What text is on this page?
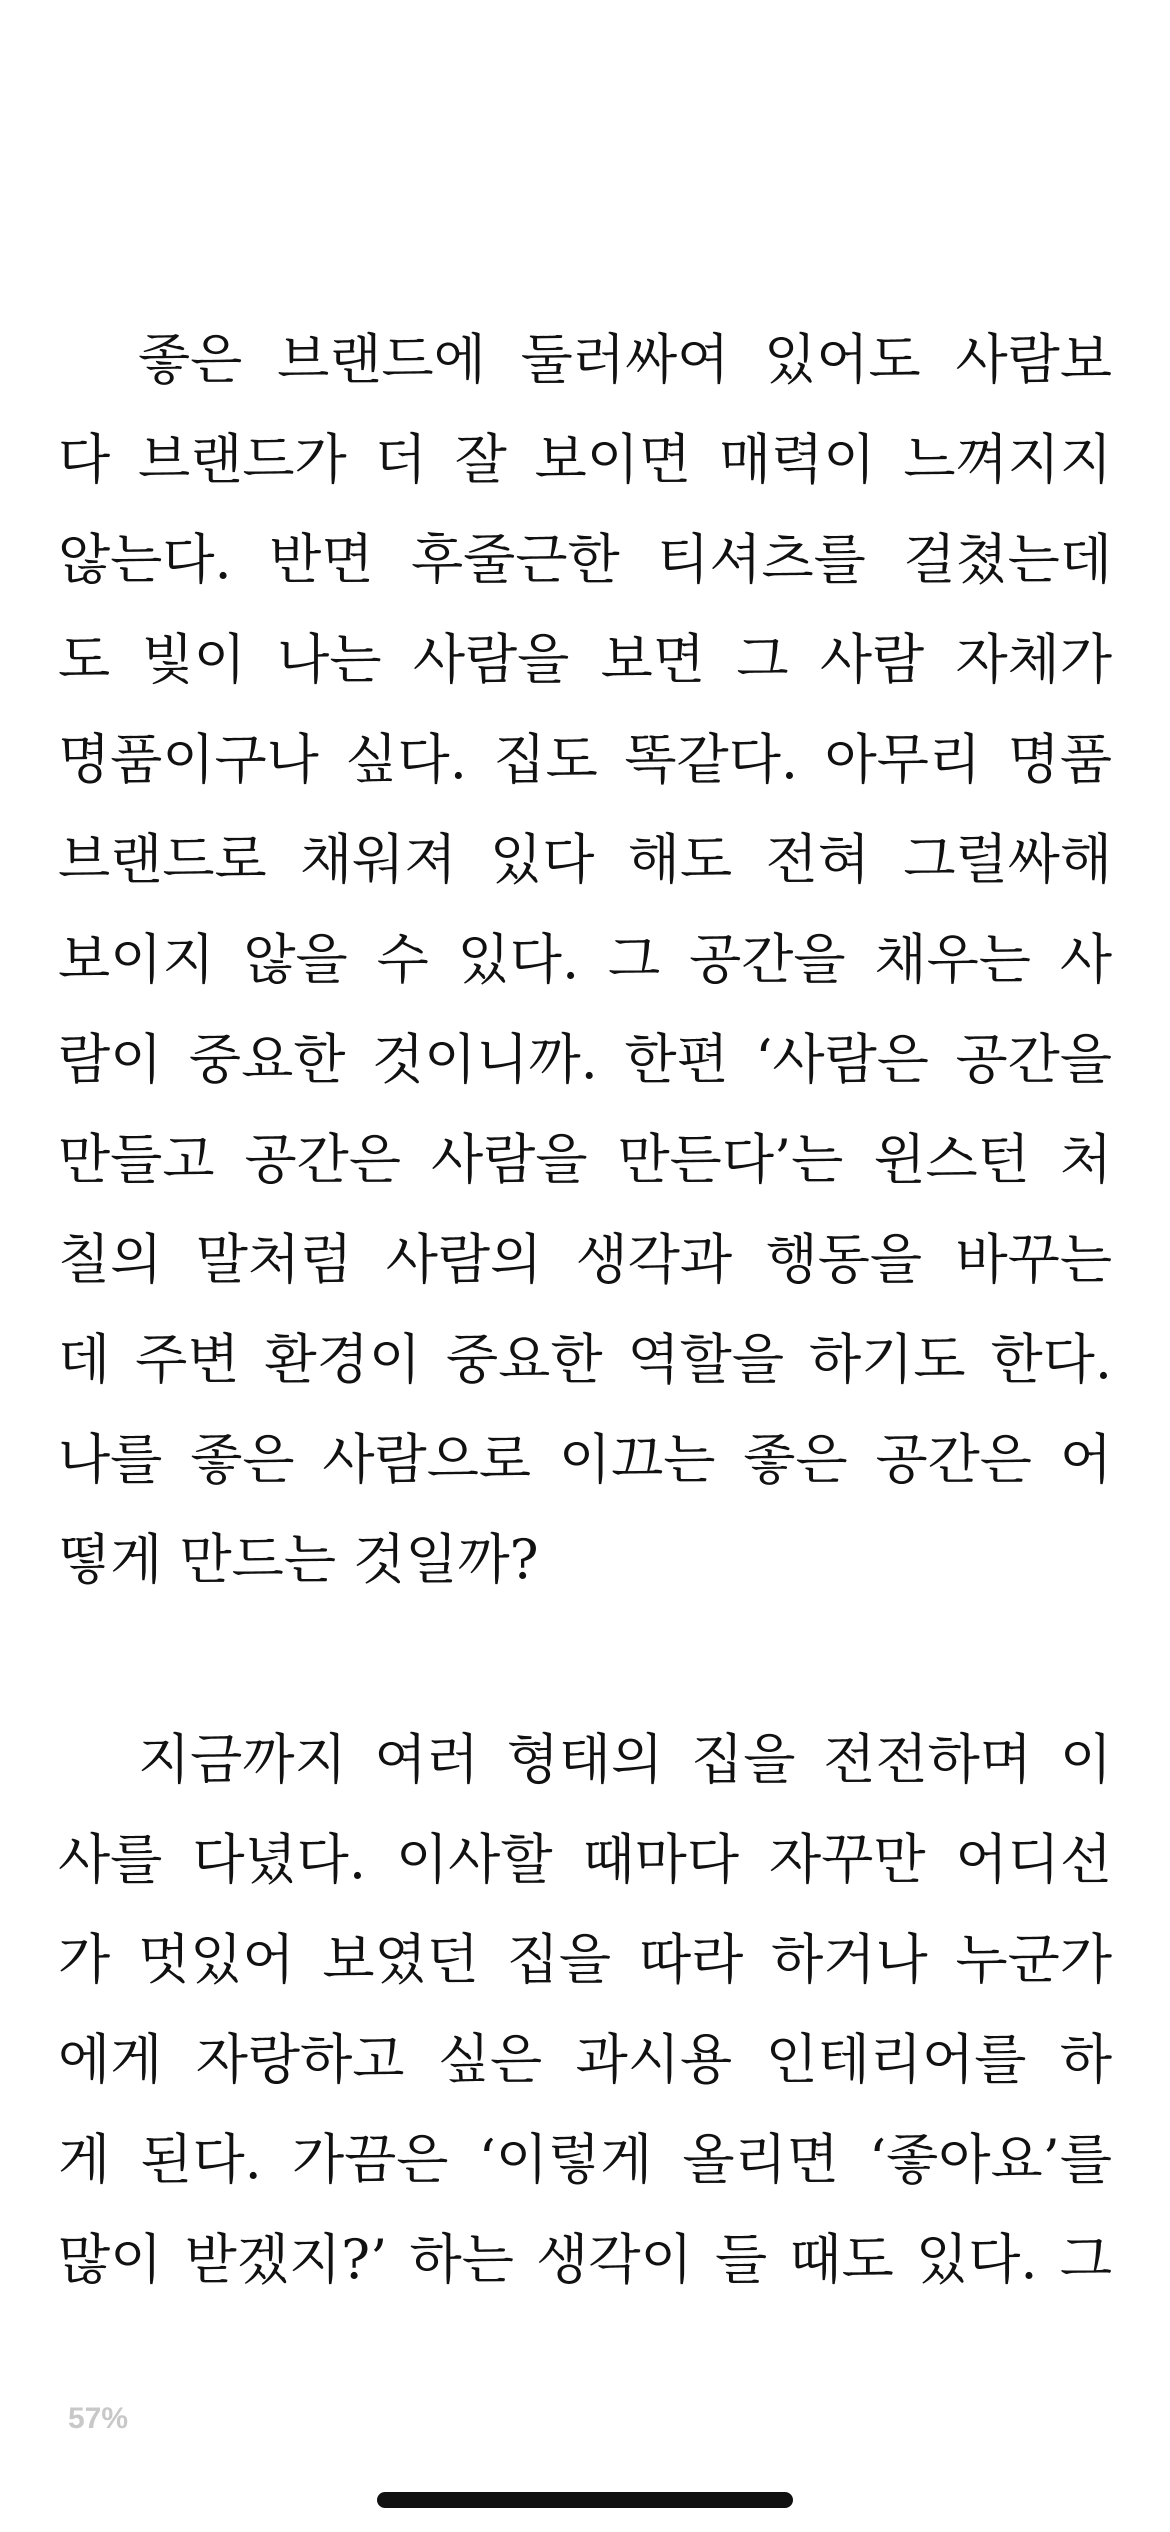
좋은 브랜드에 둘러싸여 있어도 사람보
다 브랜드가 더 잘 보이면 매력이 느껴지지
않는다. 반면 후줄근한 티셔츠를 걸쳤는데
도 빛이 나는 사람을 보면 그 사람 자체가
명품이구나 싶다. 집도 똑같다. 아무리 명품
브랜드로 채워져 있다 해도 전혀 그럴싸해
보이지 않을 수 있다. 그 공간을 채우는 사
람이 중요한 것이니까. 한편 ‘사람은 공간을
만들고 공간은 사람을 만든다’는 윈스턴 처
칠의 말처럼 사람의 생각과 행동을 바꾸는
데 주변 환경이 중요한 역할을 하기도 한다.
나를 좋은 사람으로 이끄는 좋은 공간은 어
떻게 만드는 것일까?
지금까지 여러 형태의 집을 전전하며 이
사를 다녔다. 이사할 때마다 자꾸만 어디선
가 멋있어 보였던 집을 따라 하거나 누군가
에게 자랑하고 싶은 과시용 인테리어를 하
게 된다. 가끔은 ‘이렇게 올리면 ‘좋아요’를
많이 받겠지?’ 하는 생각이 들 때도 있다. 그
57%
